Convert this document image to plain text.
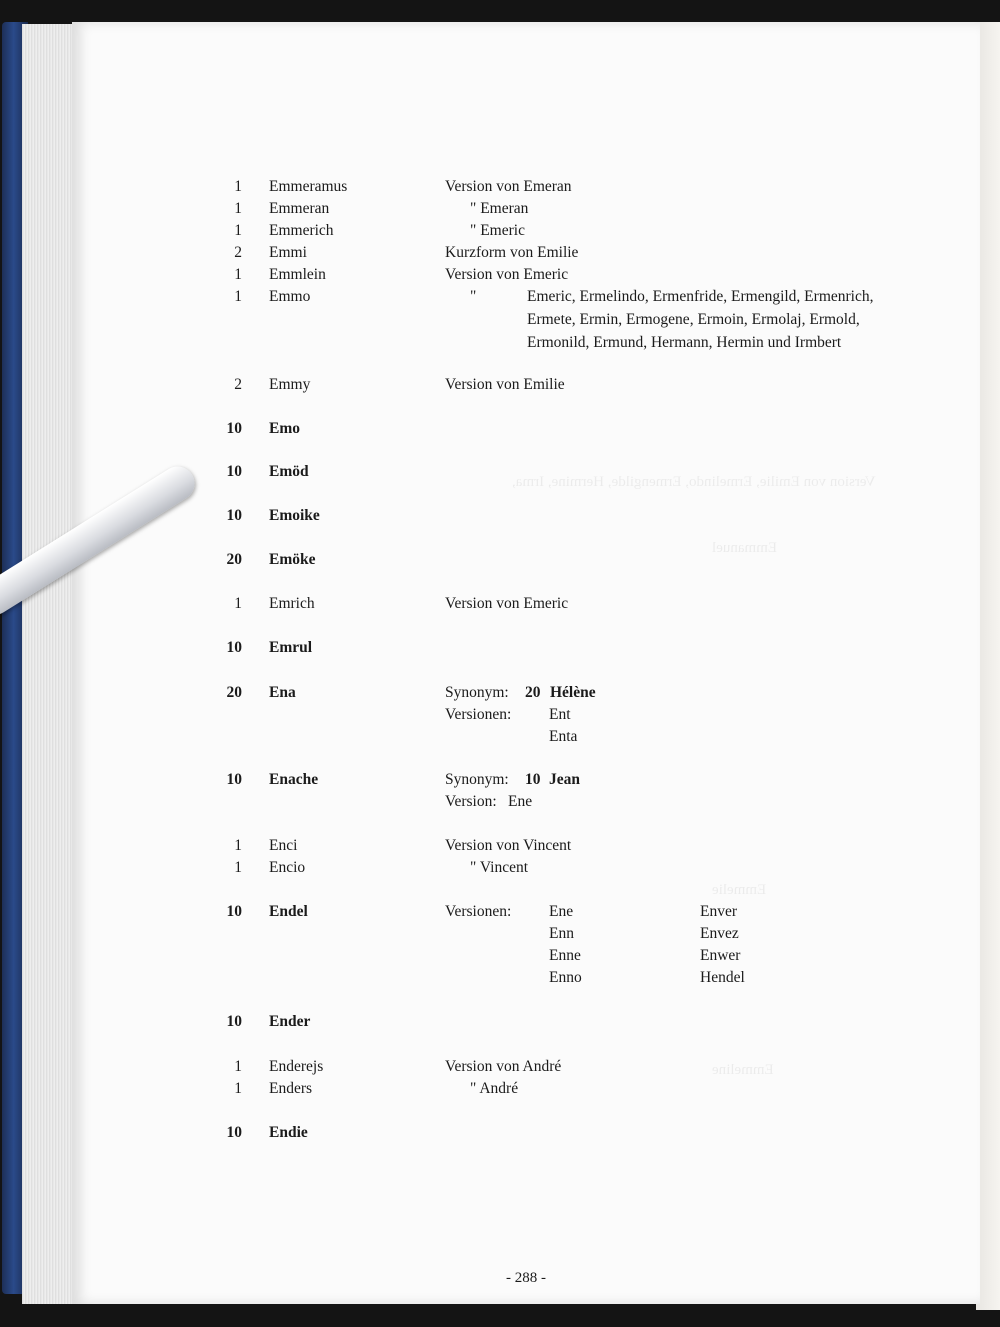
Version von Emilie, Ermelindo, Ermengilde, Hermine, Irma,
Emmanuel
Emmelie
Emmeline
1 Emmeramus	Version von Emeran
1 Emmeran	" Emeran
1 Emmerich	" Emeric
2 Emmi	Kurzform von Emilie
1 Emmlein	Version von Emeric
1 Emmo	"	Emeric, Ermelindo, Ermenfride, Ermengild, Ermenrich,
Ermete, Ermin, Ermogene, Ermoin, Ermolaj, Ermold,
Ermonild, Ermund, Hermann, Hermin und Irmbert
2 Emmy	Version von Emilie
10 Emo
10 Emöd
10 Emoike
20 Emöke
1 Emrich	Version von Emeric
10 Emrul
20 Ena	Synonym: 20 Hélène
Versionen: Ent
Enta
10 Enache	Synonym: 10 Jean
Version: Ene
1 Enci	Version von Vincent
1 Encio	" Vincent
10 Endel	Versionen: Ene	Enver
Enn	Envez
Enne	Enwer
Enno	Hendel
10 Ender
1 Enderejs	Version von André
1 Enders	" André
10 Endie
- 288 -
